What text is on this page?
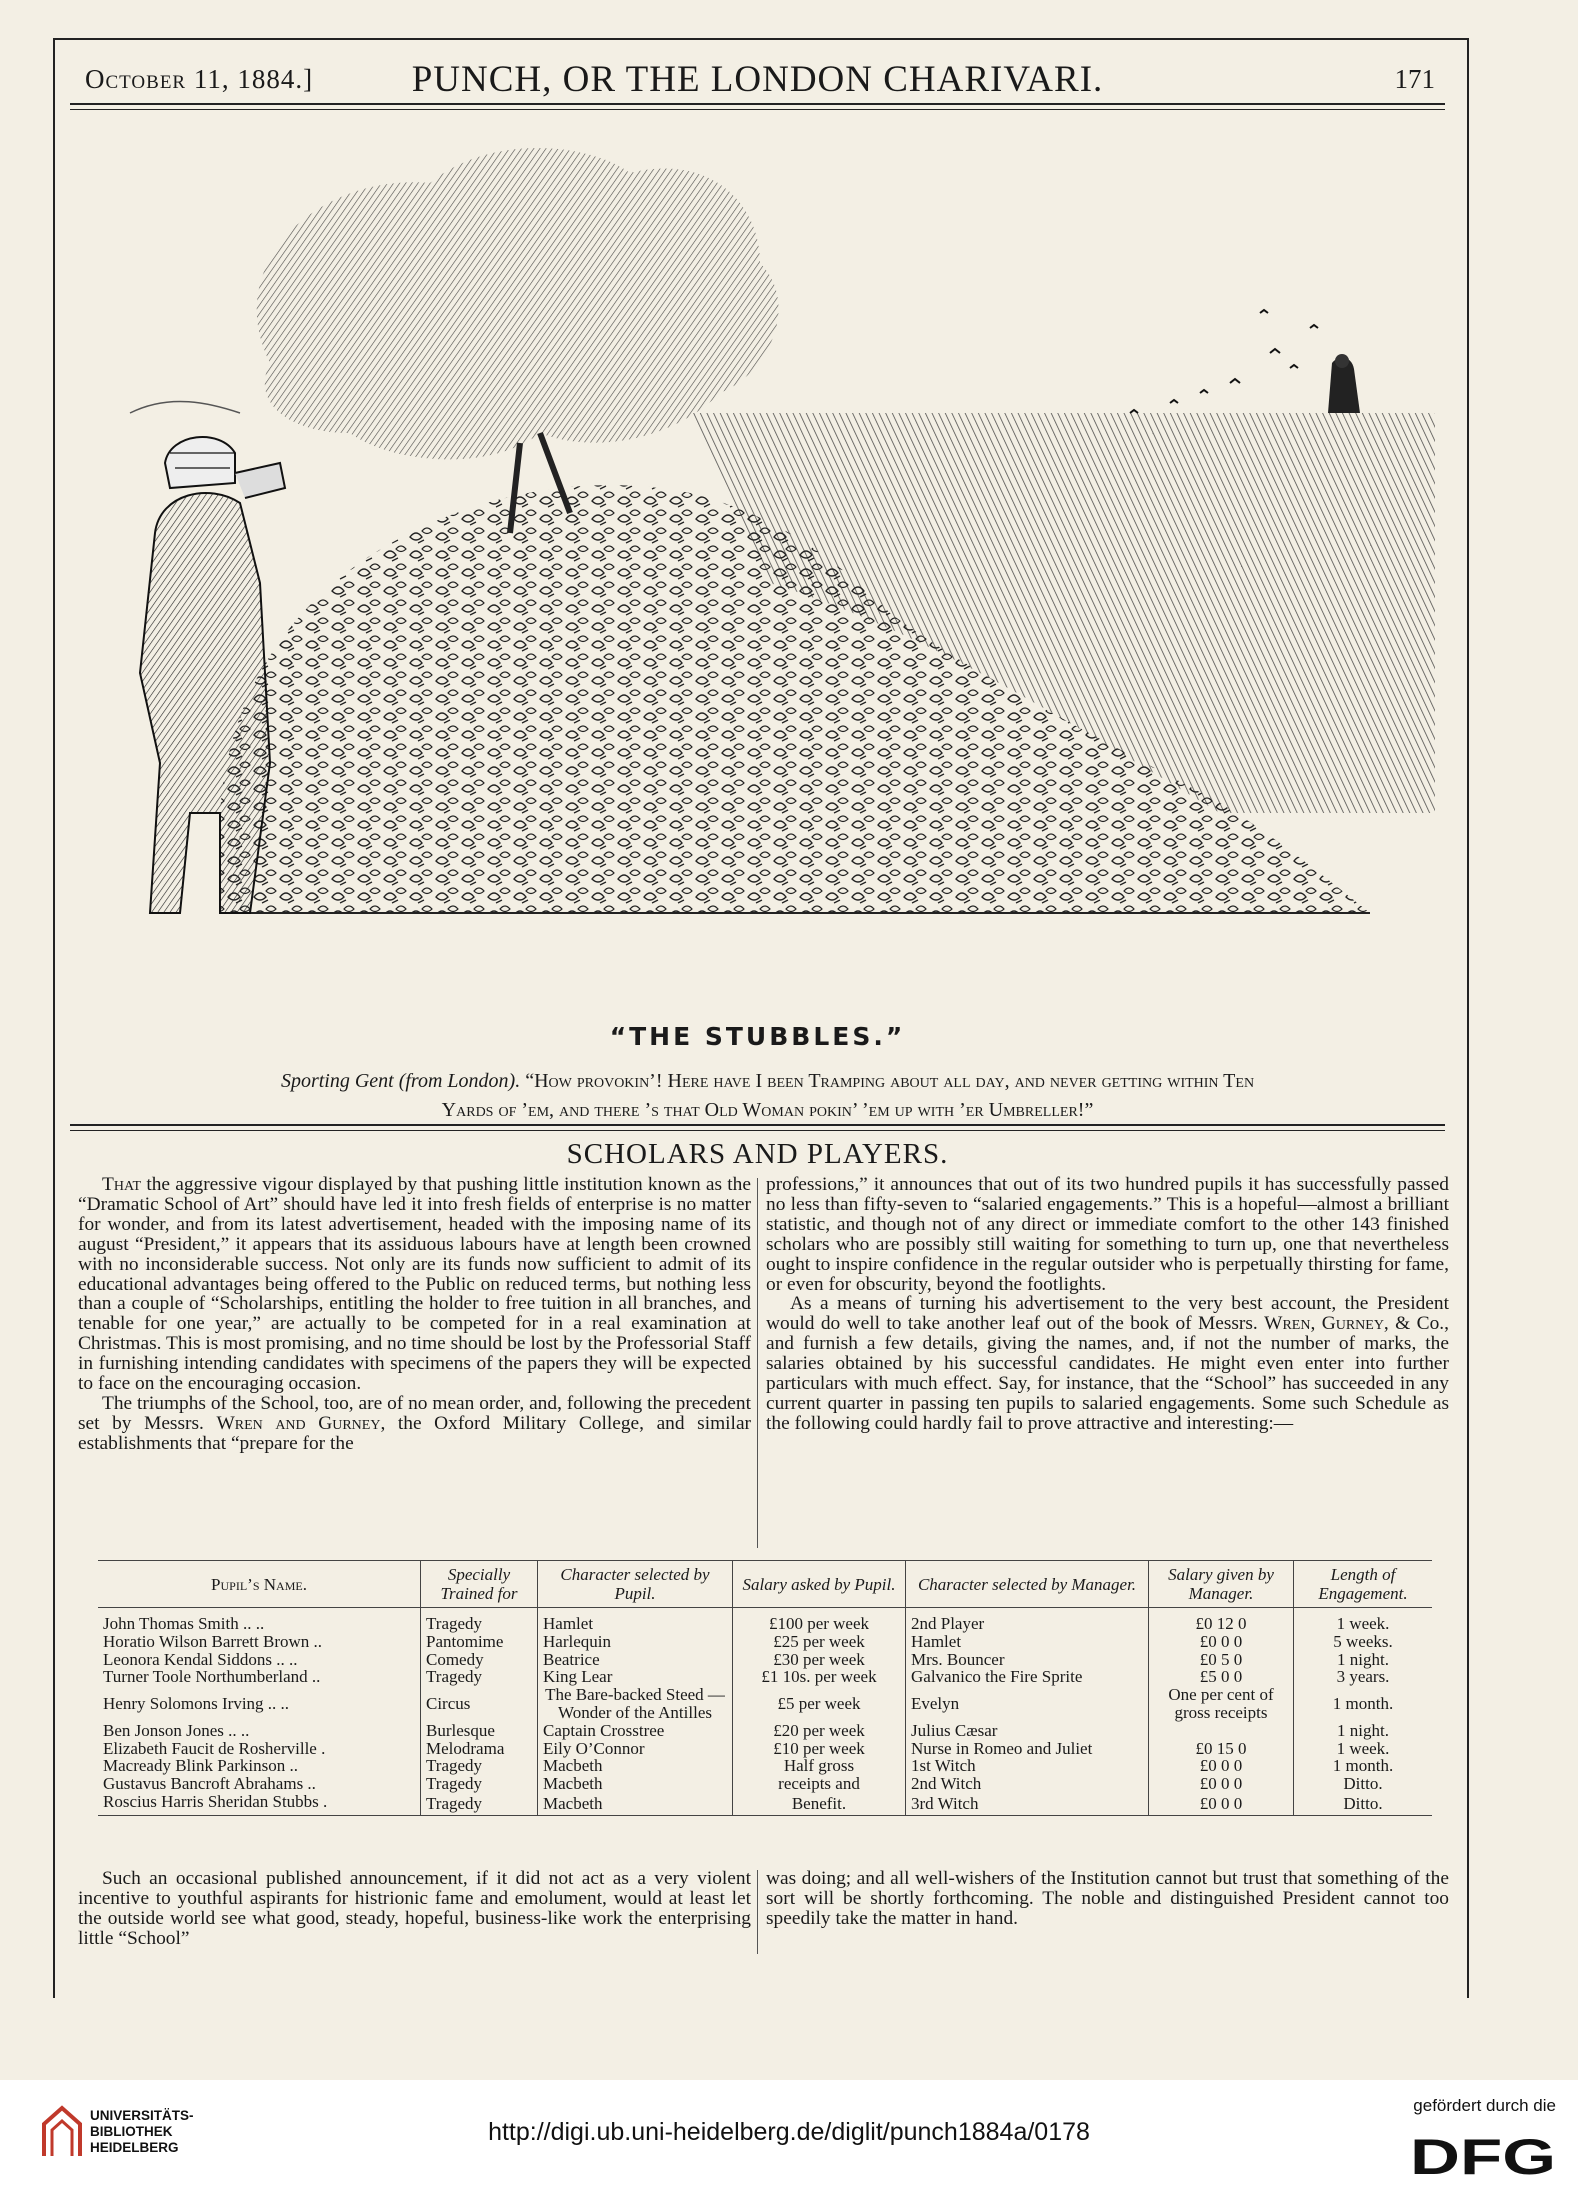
October 11, 1884.]	PUNCH, OR THE LONDON CHARIVARI.	171
“THE STUBBLES.”
Sporting Gent (from London). “How provokin’! Here have I been Tramping about all day, and never getting within Ten
Yards of ’em, and there ’s that Old Woman pokin’ ’em up with ’er Umbreller!”
SCHOLARS AND PLAYERS.

That the aggressive vigour displayed by that pushing little institution known as the “Dramatic School of Art” should have led it into fresh fields of enterprise is no matter for wonder, and from its latest advertisement, headed with the imposing name of its august “President,” it appears that its assiduous labours have at length been crowned with no inconsiderable success. Not only are its funds now sufficient to admit of its educational advantages being offered to the Public on reduced terms, but nothing less than a couple of “Scholarships, entitling the holder to free tuition in all branches, and tenable for one year,” are actually to be competed for in a real examination at Christmas. This is most promising, and no time should be lost by the Professorial Staff in furnishing intending candidates with specimens of the papers they will be expected to face on the encouraging occasion.

The triumphs of the School, too, are of no mean order, and, following the precedent set by Messrs. Wren and Gurney, the Oxford Military College, and similar establishments that “prepare for the

professions,” it announces that out of its two hundred pupils it has successfully passed no less than fifty-seven to “salaried engagements.” This is a hopeful—almost a brilliant statistic, and though not of any direct or immediate comfort to the other 143 finished scholars who are possibly still waiting for something to turn up, one that nevertheless ought to inspire confidence in the regular outsider who is perpetually thirsting for fame, or even for obscurity, beyond the footlights.

As a means of turning his advertisement to the very best account, the President would do well to take another leaf out of the book of Messrs. Wren, Gurney, & Co., and furnish a few details, giving the names, and, if not the number of marks, the salaries obtained by his successful candidates. He might even enter into further particulars with much effect. Say, for instance, that the “School” has succeeded in any current quarter in passing ten pupils to salaried engagements. Some such Schedule as the following could hardly fail to prove attractive and interesting:—

Pupil’s Name.	Specially Trained for	Character selected by Pupil.	Salary asked by Pupil.	Character selected by Manager.	Salary given by Manager.	Length of Engagement.
John Thomas Smith .. ..	Tragedy	Hamlet	£100 per week	2nd Player	£0 12 0	1 week.
Horatio Wilson Barrett Brown ..	Pantomime	Harlequin	£25 per week	Hamlet	£0 0 0	5 weeks.
Leonora Kendal Siddons .. ..	Comedy	Beatrice	£30 per week	Mrs. Bouncer	£0 5 0	1 night.
Turner Toole Northumberland ..	Tragedy	King Lear	£1 10s. per week	Galvanico the Fire Sprite	£5 0 0	3 years.
Henry Solomons Irving .. ..	Circus	The Bare-backed Steed — Wonder of the Antilles	£5 per week	Evelyn	One per cent of gross receipts	1 month.
Ben Jonson Jones .. ..	Burlesque	Captain Crosstree	£20 per week	Julius Cæsar		1 night.
Elizabeth Faucit de Rosherville .	Melodrama	Eily O’Connor	£10 per week	Nurse in Romeo and Juliet	£0 15 0	1 week.
Macready Blink Parkinson ..	Tragedy	Macbeth	Half gross	1st Witch	£0 0 0	1 month.
Gustavus Bancroft Abrahams ..	Tragedy	Macbeth	receipts and	2nd Witch	£0 0 0	Ditto.
Roscius Harris Sheridan Stubbs .	Tragedy	Macbeth	Benefit.	3rd Witch	£0 0 0	Ditto.

Such an occasional published announcement, if it did not act as a very violent incentive to youthful aspirants for histrionic fame and emolument, would at least let the outside world see what good, steady, hopeful, business-like work the enterprising little “School”

was doing; and all well-wishers of the Institution cannot but trust that something of the sort will be shortly forthcoming. The noble and distinguished President cannot too speedily take the matter in hand.

UNIVERSITÄTS-
BIBLIOTHEK
HEIDELBERG
http://digi.ub.uni-heidelberg.de/diglit/punch1884a/0178
gefördert durch die
DFG
